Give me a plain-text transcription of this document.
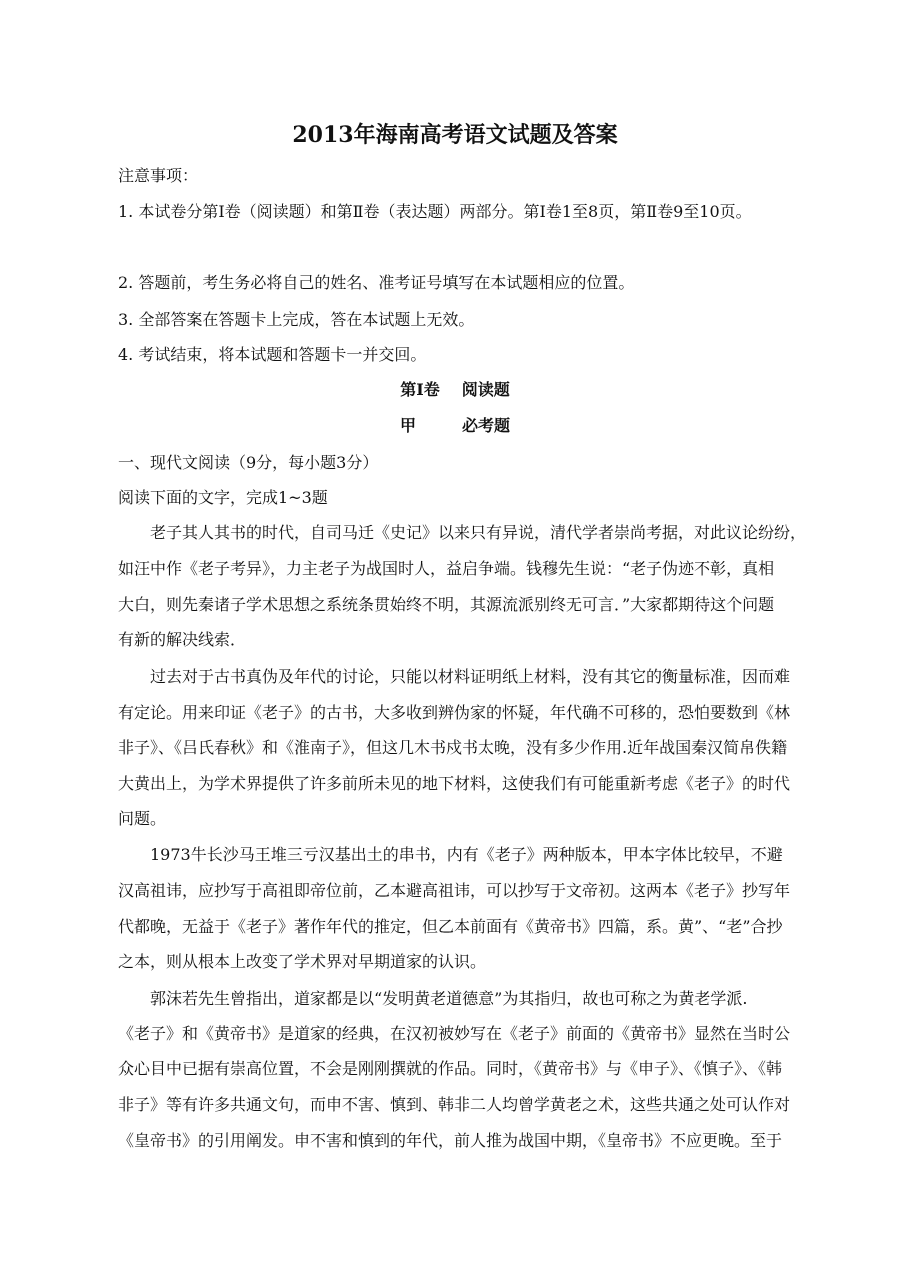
2013年海南高考语文试题及答案
注意事项：
1. 本试卷分第Ⅰ卷（阅读题）和第Ⅱ卷（表达题）两部分。第Ⅰ卷1至8页，第Ⅱ卷9至10页。
2. 答题前，考生务必将自己的姓名、准考证号填写在本试题相应的位置。
3. 全部答案在答题卡上完成，答在本试题上无效。
4. 考试结束，将本试题和答题卡一并交回。
第Ⅰ卷 阅读题
甲	必考题
一、现代文阅读（9分，每小题3分）
阅读下面的文字，完成1~3题
老子其人其书的时代，自司马迁《史记》以来只有异说，清代学者崇尚考据，对此议论纷纷，
如汪中作《老子考异》，力主老子为战国时人，益启争端。钱穆先生说：“老子伪迹不彰，真相
大白，则先秦诸子学术思想之系统条贯始终不明，其源流派别终无可言．”大家都期待这个问题
有新的解决线索．
过去对于古书真伪及年代的讨论，只能以材料证明纸上材料，没有其它的衡量标准，因而难
有定论。用来印证《老子》的古书，大多收到辨伪家的怀疑，年代确不可移的，恐怕要数到《林
非子》、《吕氏春秋》和《淮南子》，但这几木书戍书太晚，没有多少作用.近年战国秦汉简帛佚籍
大黄出上，为学术界提供了许多前所未见的地下材料，这使我们有可能重新考虑《老子》的时代
问题。
1973牛长沙马王堆三亏汉基出土的串书，内有《老子》两种版本，甲本字体比较早，不避
汉高祖讳，应抄写于高祖即帝位前，乙本避高祖讳，可以抄写于文帝初。这两本《老子》抄写年
代都晚，无益于《老子》著作年代的推定，但乙本前面有《黄帝书》四篇，系。黄”、“老”合抄
之本，则从根本上改变了学术界对早期道家的认识。
郭沫若先生曾指出，道家都是以“发明黄老道德意”为其指归，故也可称之为黄老学派.
《老子》和《黄帝书》是道家的经典，在汉初被妙写在《老子》前面的《黄帝书》显然在当时公
众心目中已据有崇高位置，不会是刚刚撰就的作品。同时，《黄帝书》与《申子》、《慎子》、《韩
非子》等有许多共通文句，而申不害、慎到、韩非二人均曾学黄老之术，这些共通之处可认作对
《皇帝书》的引用阐发。申不害和慎到的年代，前人推为战国中期，《皇帝书》不应更晚。至于
